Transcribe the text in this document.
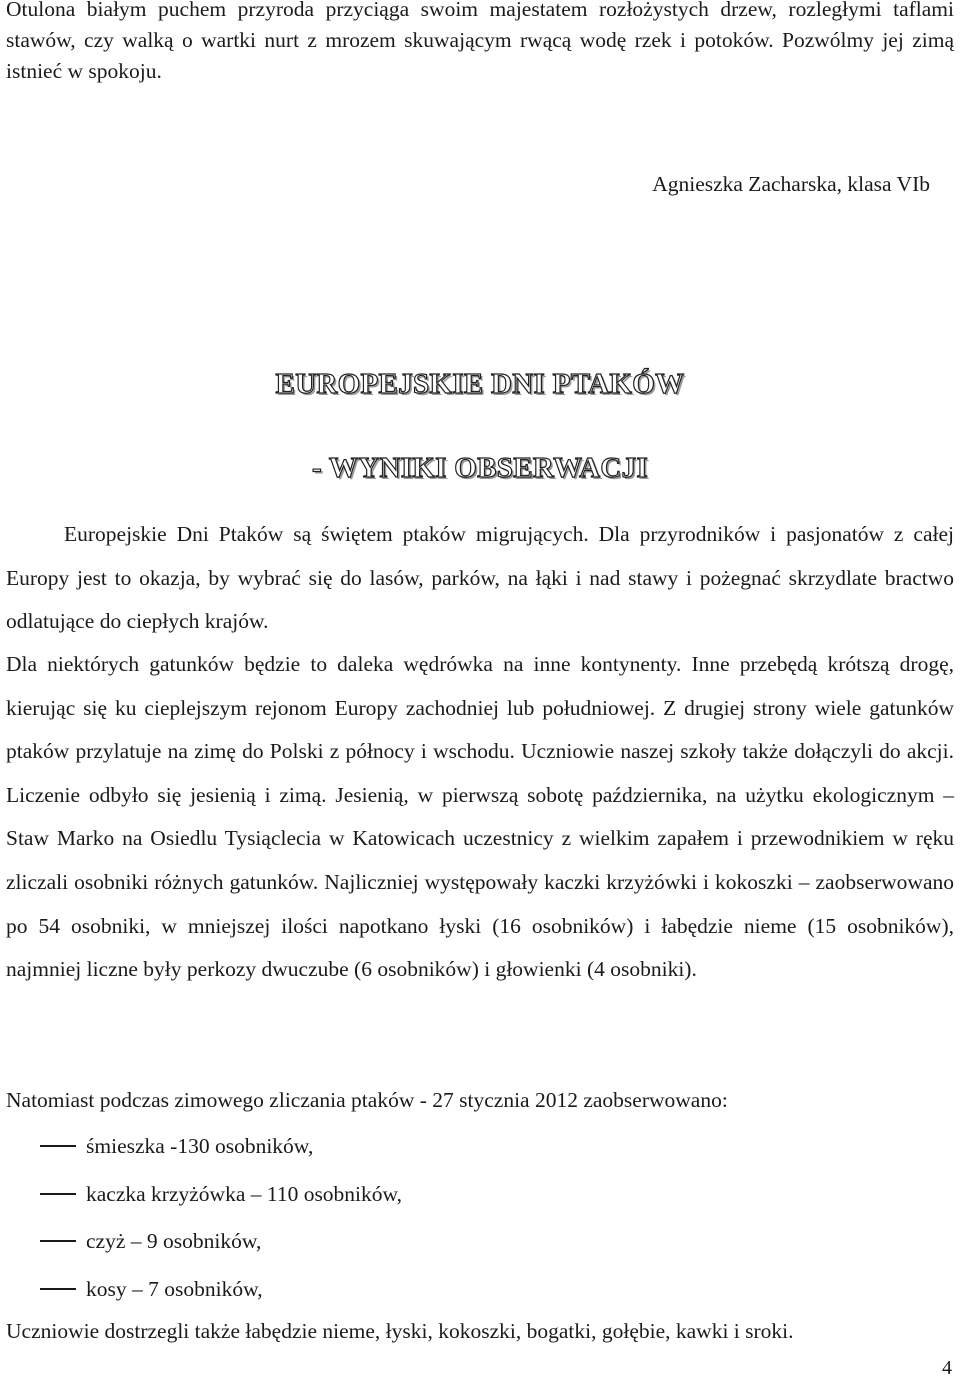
Otulona białym puchem przyroda przyciąga swoim majestatem rozłożystych drzew, rozległymi taflami stawów, czy walką o wartki nurt z mrozem skuwającym rwącą wodę rzek i potoków. Pozwólmy jej zimą istnieć w spokoju.

Agnieszka Zacharska, klasa VIb

EUROPEJSKIE DNI PTAKÓW
- WYNIKI OBSERWACJI

Europejskie Dni Ptaków są świętem ptaków migrujących. Dla przyrodników i pasjonatów z całej Europy jest to okazja, by wybrać się do lasów, parków, na łąki i nad stawy i pożegnać skrzydlate bractwo odlatujące do ciepłych krajów.

Dla niektórych gatunków będzie to daleka wędrówka na inne kontynenty. Inne przebędą krótszą drogę, kierując się ku cieplejszym rejonom Europy zachodniej lub południowej. Z drugiej strony wiele gatunków ptaków przylatuje na zimę do Polski z północy i wschodu. Uczniowie naszej szkoły także dołączyli do akcji. Liczenie odbyło się jesienią i zimą. Jesienią, w pierwszą sobotę października, na użytku ekologicznym – Staw Marko na Osiedlu Tysiąclecia w Katowicach uczestnicy z wielkim zapałem i przewodnikiem w ręku zliczali osobniki różnych gatunków. Najliczniej występowały kaczki krzyżówki i kokoszki – zaobserwowano po 54 osobniki, w mniejszej ilości napotkano łyski (16 osobników) i łabędzie nieme (15 osobników), najmniej liczne były perkozy dwuczube (6 osobników) i głowienki (4 osobniki).

Natomiast podczas zimowego zliczania ptaków - 27 stycznia 2012 zaobserwowano:

śmieszka -130 osobników,
kaczka krzyżówka – 110 osobników,
czyż – 9 osobników,
kosy – 7 osobników,

Uczniowie dostrzegli także łabędzie nieme, łyski, kokoszki, bogatki, gołębie, kawki i sroki.

4
